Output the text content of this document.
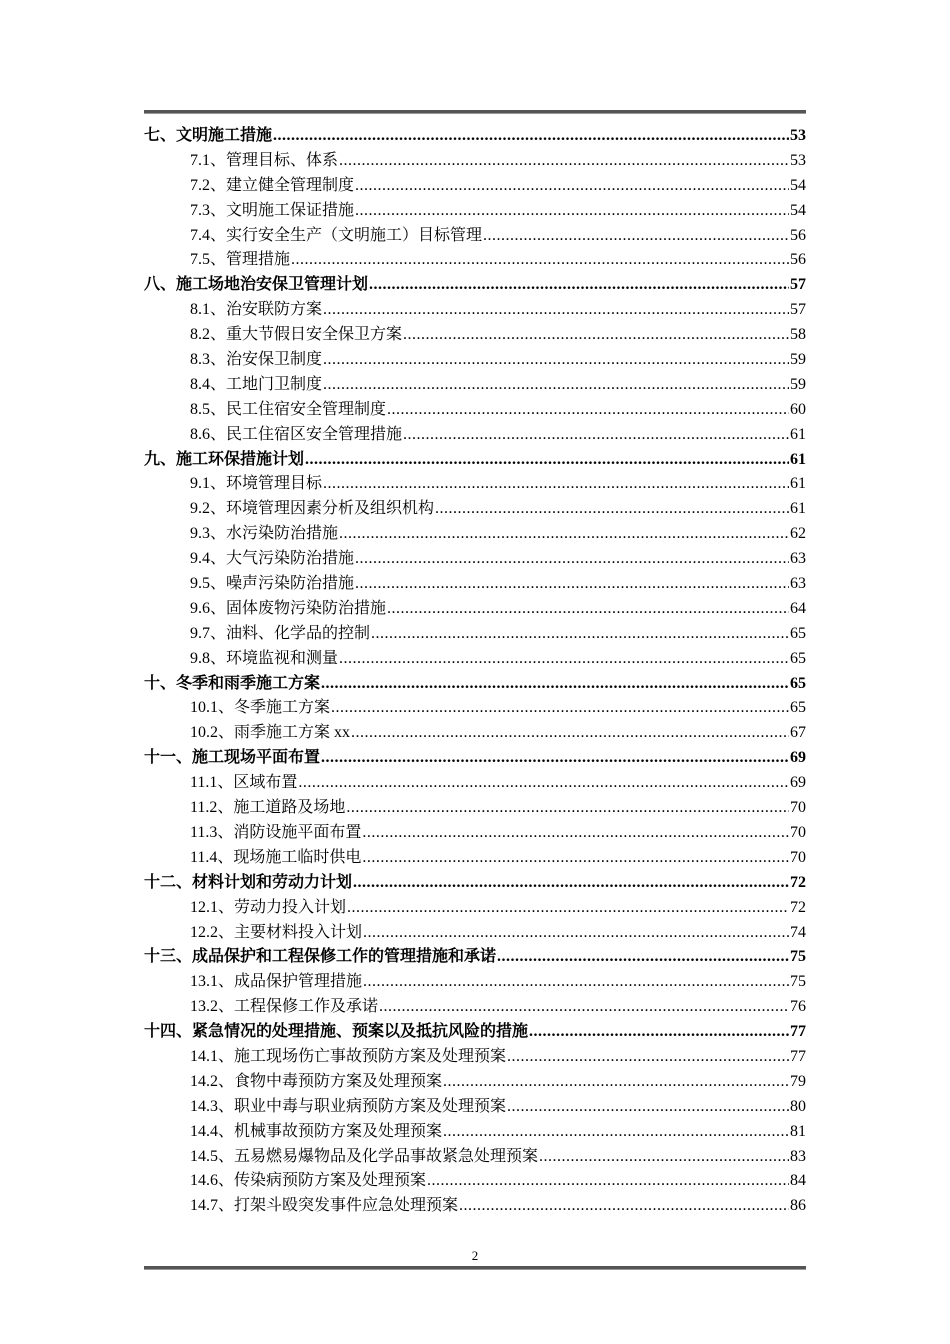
七、文明施工措施 .....	53
7.1、管理目标、体系 .....	53
7.2、建立健全管理制度 .....	54
7.3、文明施工保证措施 .....	54
7.4、实行安全生产（文明施工）目标管理 .....	56
7.5、管理措施 .....	56
八、施工场地治安保卫管理计划 .....	57
8.1、治安联防方案 .....	57
8.2、重大节假日安全保卫方案 .....	58
8.3、治安保卫制度 .....	59
8.4、工地门卫制度 .....	59
8.5、民工住宿安全管理制度 .....	60
8.6、民工住宿区安全管理措施 .....	61
九、施工环保措施计划 .....	61
9.1、环境管理目标 .....	61
9.2、环境管理因素分析及组织机构 .....	61
9.3、水污染防治措施 .....	62
9.4、大气污染防治措施 .....	63
9.5、噪声污染防治措施 .....	63
9.6、固体废物污染防治措施 .....	64
9.7、油料、化学品的控制 .....	65
9.8、环境监视和测量 .....	65
十、冬季和雨季施工方案 .....	65
10.1、冬季施工方案 .....	65
10.2、雨季施工方案 xx .....	67
十一、施工现场平面布置 .....	69
11.1、区域布置 .....	69
11.2、施工道路及场地 .....	70
11.3、消防设施平面布置 .....	70
11.4、现场施工临时供电 .....	70
十二、材料计划和劳动力计划 .....	72
12.1、劳动力投入计划 .....	72
12.2、主要材料投入计划 .....	74
十三、成品保护和工程保修工作的管理措施和承诺 .....	75
13.1、成品保护管理措施 .....	75
13.2、工程保修工作及承诺 .....	76
十四、紧急情况的处理措施、预案以及抵抗风险的措施 .....	77
14.1、施工现场伤亡事故预防方案及处理预案 .....	77
14.2、食物中毒预防方案及处理预案 .....	79
14.3、职业中毒与职业病预防方案及处理预案 .....	80
14.4、机械事故预防方案及处理预案 .....	81
14.5、五易燃易爆物品及化学品事故紧急处理预案 .....	83
14.6、传染病预防方案及处理预案 .....	84
14.7、打架斗殴突发事件应急处理预案 .....	86
2
